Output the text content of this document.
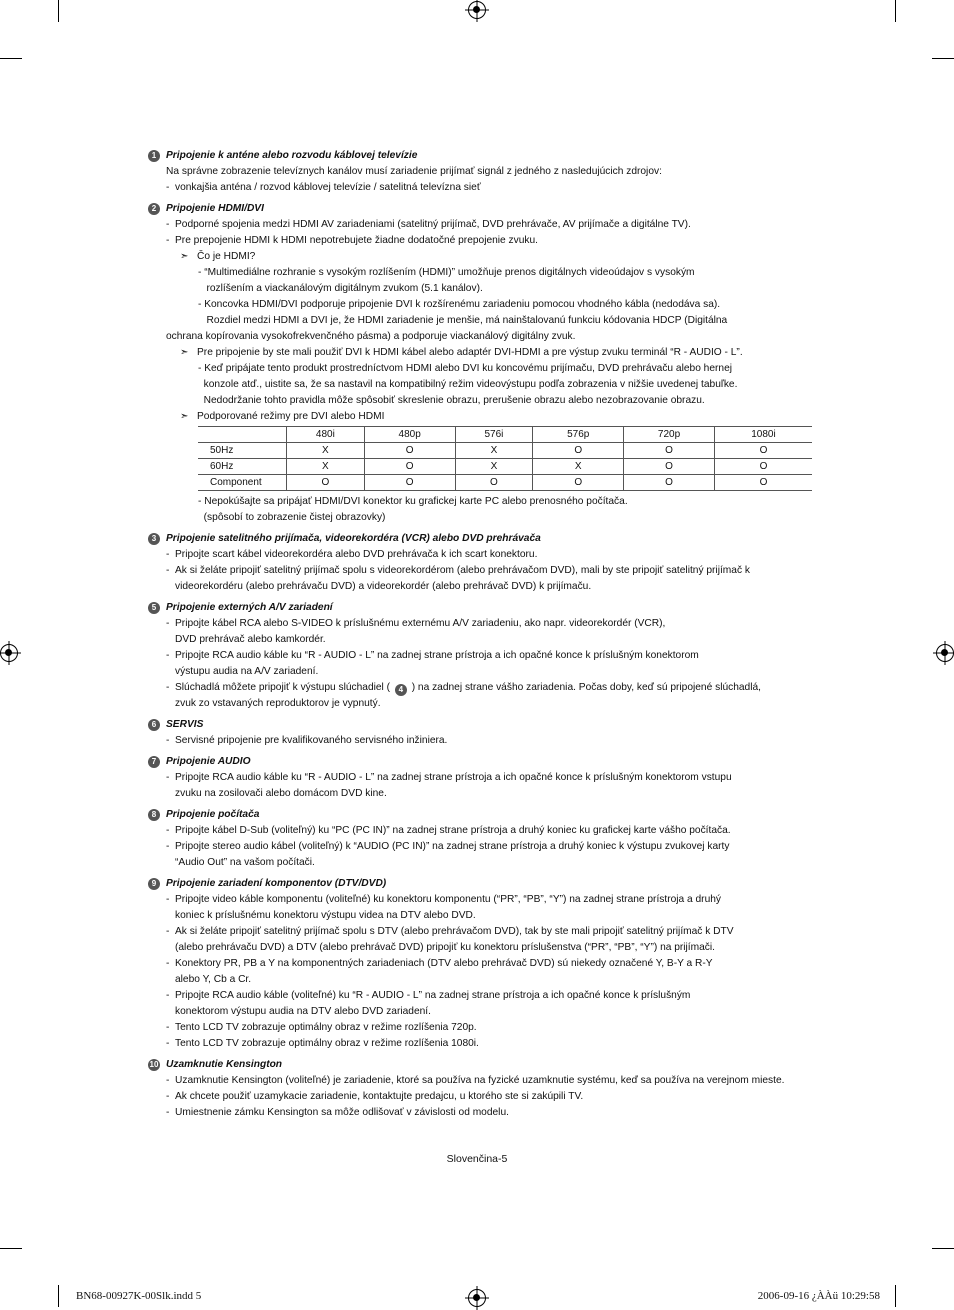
1 Pripojenie k anténe alebo rozvodu káblovej televízie
Na správne zobrazenie televíznych kanálov musí zariadenie prijímať signál z jedného z nasledujúcich zdrojov:
- vonkajšia anténa / rozvod káblovej televízie / satelitná televízna sieť
2 Pripojenie HDMI/DVI
- Podporné spojenia medzi HDMI AV zariadeniami (satelitný prijímač, DVD prehrávače, AV prijímače a digitálne TV).
- Pre prepojenie HDMI k HDMI nepotrebujete žiadne dodatočné prepojenie zvuku.
➣ Čo je HDMI?
- “Multimediálne rozhranie s vysokým rozlíšením (HDMI)” umožňuje prenos digitálnych videoúdajov s vysokým
rozlíšením a viackanálovým digitálnym zvukom (5.1 kanálov).
- Koncovka HDMI/DVI podporuje pripojenie DVI k rozšírenému zariadeniu pomocou vhodného kábla (nedodáva sa).
Rozdiel medzi HDMI a DVI je, že HDMI zariadenie je menšie, má nainštalovanú funkciu kódovania HDCP (Digitálna
ochrana kopírovania vysokofrekvenčného pásma) a podporuje viackanálový digitálny zvuk.
➣ Pre pripojenie by ste mali použiť DVI k HDMI kábel alebo adaptér DVI-HDMI a pre výstup zvuku terminál “R - AUDIO - L”.
- Keď pripájate tento produkt prostredníctvom HDMI alebo DVI ku koncovému prijímaču, DVD prehrávaču alebo hernej
konzole atď., uistite sa, že sa nastavil na kompatibilný režim videovýstupu podľa zobrazenia v nižšie uvedenej tabuľke.
Nedodržanie tohto pravidla môže spôsobiť skreslenie obrazu, prerušenie obrazu alebo nezobrazovanie obrazu.
➣ Podporované režimy pre DVI alebo HDMI
	480i	480p	576i	576p	720p	1080i
50Hz	X	O	X	O	O	O
60Hz	X	O	X	X	O	O
Component	O	O	O	O	O	O
- Nepokúšajte sa pripájať HDMI/DVI konektor ku grafickej karte PC alebo prenosného počítača.
(spôsobí to zobrazenie čistej obrazovky)
3 Pripojenie satelitného prijímača, videorekordéra (VCR) alebo DVD prehrávača
- Pripojte scart kábel videorekordéra alebo DVD prehrávača k ich scart konektoru.
- Ak si želáte pripojiť satelitný prijímač spolu s videorekordérom (alebo prehrávačom DVD), mali by ste pripojiť satelitný prijímač k
videorekordéru (alebo prehrávaču DVD) a videorekordér (alebo prehrávač DVD) k prijímaču.
5 Pripojenie externých A/V zariadení
- Pripojte kábel RCA alebo S-VIDEO k príslušnému externému A/V zariadeniu, ako napr. videorekordér (VCR),
DVD prehrávač alebo kamkordér.
- Pripojte RCA audio káble ku “R - AUDIO - L” na zadnej strane prístroja a ich opačné konce k príslušným konektorom
výstupu audia na A/V zariadení.
- Slúchadlá môžete pripojiť k výstupu slúchadiel ( 4 ) na zadnej strane vášho zariadenia. Počas doby, keď sú pripojené slúchadlá,
zvuk zo vstavaných reproduktorov je vypnutý.
6 SERVIS
- Servisné pripojenie pre kvalifikovaného servisného inžiniera.
7 Pripojenie AUDIO
- Pripojte RCA audio káble ku “R - AUDIO - L” na zadnej strane prístroja a ich opačné konce k príslušným konektorom vstupu
zvuku na zosilovači alebo domácom DVD kine.
8 Pripojenie počítača
- Pripojte kábel D-Sub (voliteľný) ku “PC (PC IN)” na zadnej strane prístroja a druhý koniec ku grafickej karte vášho počítača.
- Pripojte stereo audio kábel (voliteľný) k “AUDIO (PC IN)” na zadnej strane prístroja a druhý koniec k výstupu zvukovej karty
“Audio Out” na vašom počítači.
9 Pripojenie zariadení komponentov (DTV/DVD)
- Pripojte video káble komponentu (voliteľné) ku konektoru komponentu (“PR”, “PB”, “Y”) na zadnej strane prístroja a druhý
koniec k príslušnému konektoru výstupu videa na DTV alebo DVD.
- Ak si želáte pripojiť satelitný prijímač spolu s DTV (alebo prehrávačom DVD), tak by ste mali pripojiť satelitný prijímač k DTV
(alebo prehrávaču DVD) a DTV (alebo prehrávač DVD) pripojiť ku konektoru príslušenstva (“PR”, “PB”, “Y”) na prijímači.
- Konektory PR, PB a Y na komponentných zariadeniach (DTV alebo prehrávač DVD) sú niekedy označené Y, B-Y a R-Y
alebo Y, Cb a Cr.
- Pripojte RCA audio káble (voliteľné) ku “R - AUDIO - L” na zadnej strane prístroja a ich opačné konce k príslušným
konektorom výstupu audia na DTV alebo DVD zariadení.
- Tento LCD TV zobrazuje optimálny obraz v režime rozlíšenia 720p.
- Tento LCD TV zobrazuje optimálny obraz v režime rozlíšenia 1080i.
10 Uzamknutie Kensington
- Uzamknutie Kensington (voliteľné) je zariadenie, ktoré sa používa na fyzické uzamknutie systému, keď sa používa na verejnom mieste.
- Ak chcete použiť uzamykacie zariadenie, kontaktujte predajcu, u ktorého ste si zakúpili TV.
- Umiestnenie zámku Kensington sa môže odlišovať v závislosti od modelu.
Slovenčina-5
BN68-00927K-00Slk.indd 5	2006-09-16 ¿ÀÀü 10:29:58
